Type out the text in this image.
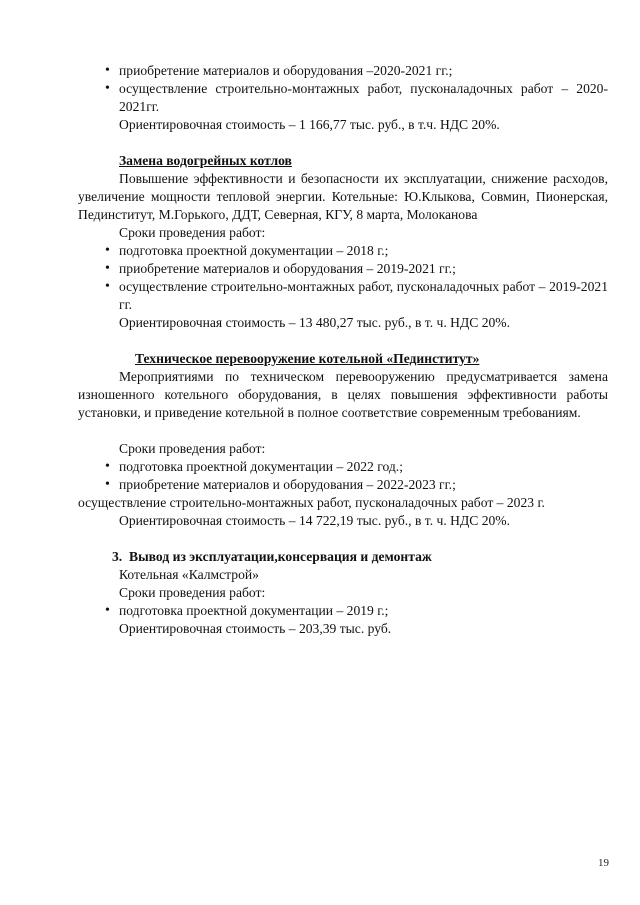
• приобретение материалов и оборудования –2020-2021 гг.;
• осуществление строительно-монтажных работ, пусконаладочных работ – 2020-2021гг.

Ориентировочная стоимость – 1 166,77 тыс. руб., в т.ч. НДС 20%.

Замена водогрейных котлов

Повышение эффективности и безопасности их эксплуатации, снижение расходов, увеличение мощности тепловой энергии. Котельные: Ю.Клыкова, Совмин, Пионерская, Пединститут, М.Горького, ДДТ, Северная, КГУ, 8 марта, Молоканова

Сроки проведения работ:

• подготовка проектной документации – 2018 г.;
• приобретение материалов и оборудования – 2019-2021 гг.;
• осуществление строительно-монтажных работ, пусконаладочных работ – 2019-2021 гг.

Ориентировочная стоимость – 13 480,27 тыс. руб., в т. ч. НДС 20%.

Техническое перевооружение котельной «Пединститут»

Мероприятиями по техническом перевооружению предусматривается замена изношенного котельного оборудования, в целях повышения эффективности работы установки, и приведение котельной в полное соответствие современным требованиям.

Сроки проведения работ:

• подготовка проектной документации – 2022 год.;
• приобретение материалов и оборудования – 2022-2023 гг.;

осуществление строительно-монтажных работ, пусконаладочных работ – 2023 г.

Ориентировочная стоимость – 14 722,19 тыс. руб., в т. ч. НДС 20%.

3. Вывод из эксплуатации,консервация и демонтаж

Котельная «Калмстрой»

Сроки проведения работ:

• подготовка проектной документации – 2019 г.;

Ориентировочная стоимость – 203,39 тыс. руб.

19
